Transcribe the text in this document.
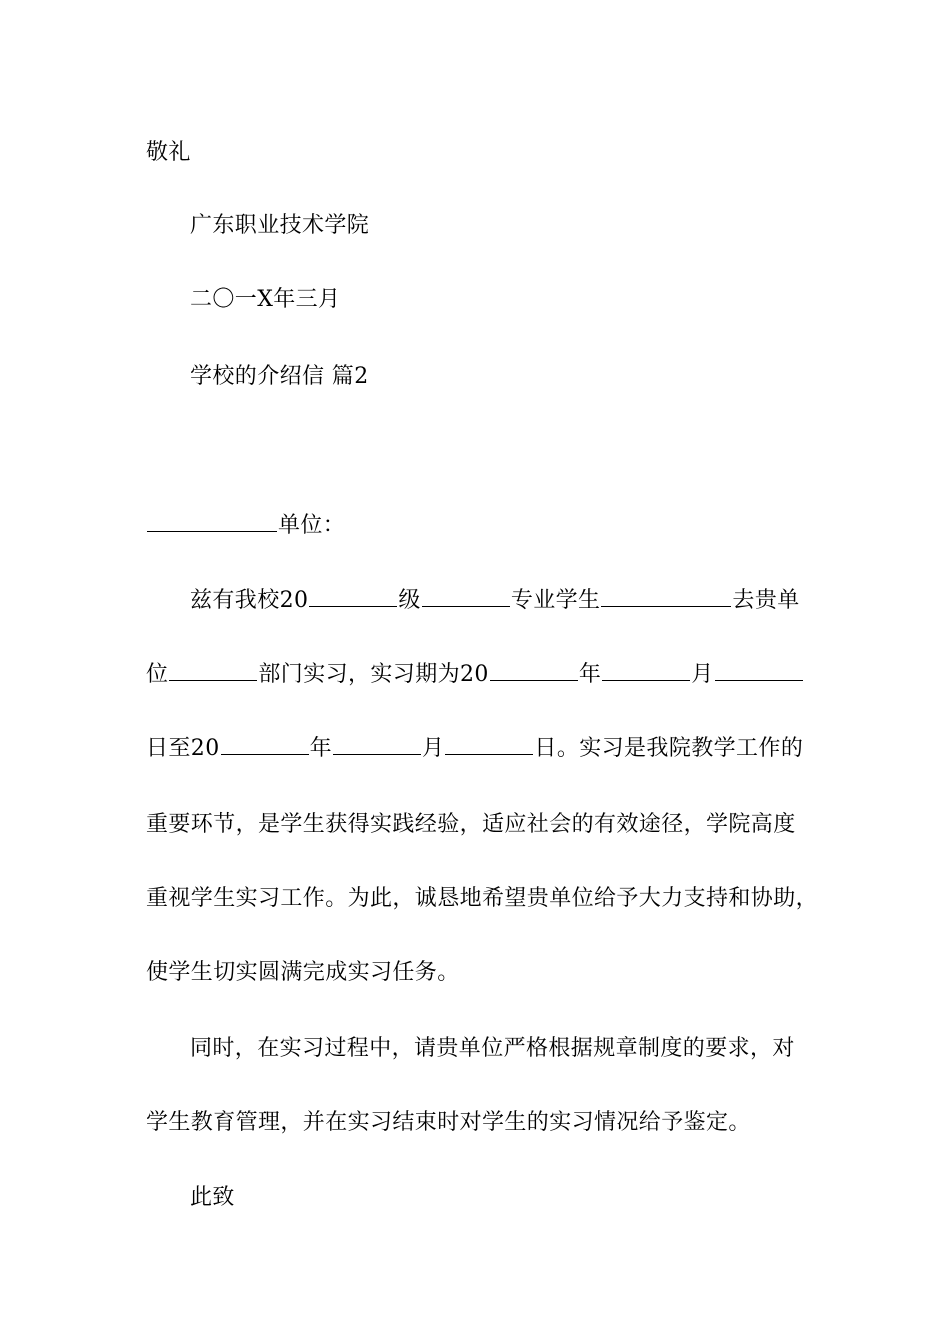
敬礼
广东职业技术学院
二〇一X年三月
学校的介绍信 篇2
单位：
兹有我校20	级	专业学生	去贵单
位	部门实习，实习期为20	年	月
日至20	年	月	日。实习是我院教学工作的
重要环节，是学生获得实践经验，适应社会的有效途径，学院高度
重视学生实习工作。为此，诚恳地希望贵单位给予大力支持和协助，
使学生切实圆满完成实习任务。
同时，在实习过程中，请贵单位严格根据规章制度的要求，对
学生教育管理，并在实习结束时对学生的实习情况给予鉴定。
此致
